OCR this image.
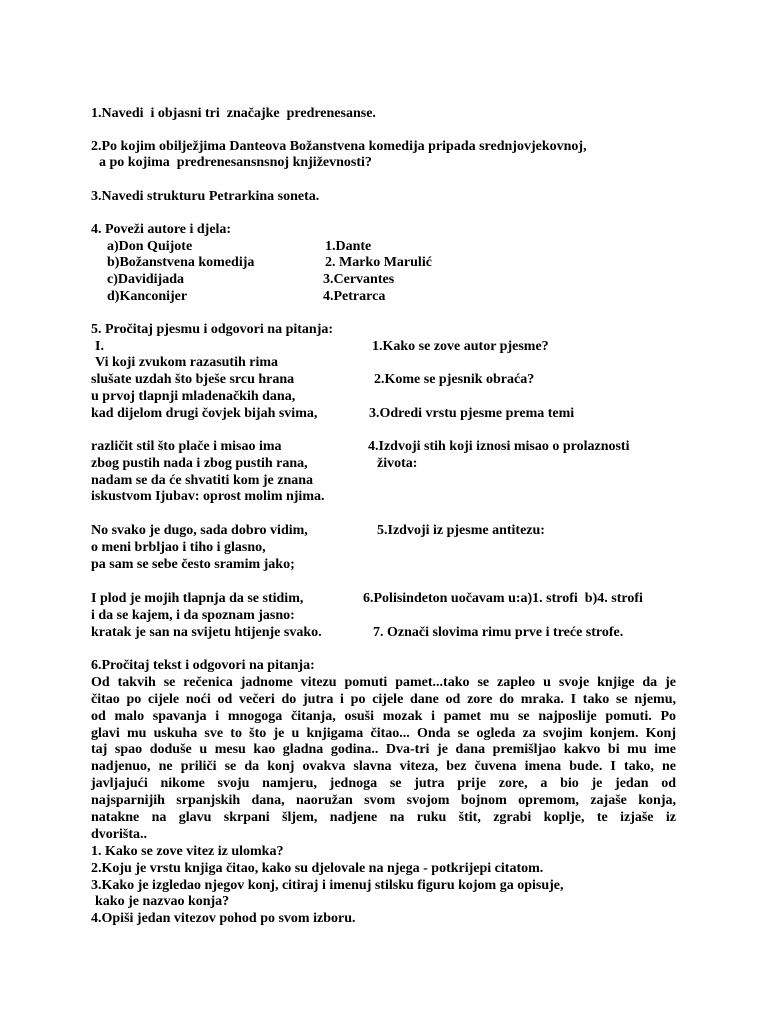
1.Navedi  i objasni tri  značajke  predrenesanse.
2.Po kojim obilježjima Danteova Božanstvena komedija pripada srednjovjekovnoj,
a po kojima  predrenesansnsnoj književnosti?
3.Navedi strukturu Petrarkina soneta.
4. Poveži autore i djela:
a)Don Quijote
b)Božanstvena komedija
c)Davidijada
d)Kanconijer
1.Dante
2. Marko Marulić
3.Cervantes
4.Petrarca
5. Pročitaj pjesmu i odgovori na pitanja:
I.
Vi koji zvukom razasutih rima
slušate uzdah što bješe srcu hrana
u prvoj tlapnji mladenačkih dana,
kad dijelom drugi čovjek bijah svima,
različit stil što plače i misao ima
zbog pustih nada i zbog pustih rana,
nadam se da će shvatiti kom je znana
iskustvom Ijubav: oprost molim njima.
No svako je dugo, sada dobro vidim,
o meni brbljao i tiho i glasno,
pa sam se sebe često sramim jako;
I plod je mojih tlapnja da se stidim,
i da se kajem, i da spoznam jasno:
kratak je san na svijetu htijenje svako.
1.Kako se zove autor pjesme?
2.Kome se pjesnik obraća?
3.Odredi vrstu pjesme prema temi
4.Izdvoji stih koji iznosi misao o prolaznosti
života:
5.Izdvoji iz pjesme antitezu:
6.Polisindeton uočavam u:a)1. strofi  b)4. strofi
7. Označi slovima rimu prve i treće strofe.
6.Pročitaj tekst i odgovori na pitanja:
Od takvih se rečenica jadnome vitezu pomuti pamet...tako se zapleo u svoje knjige da je
čitao po cijele noći od večeri do jutra i po cijele dane od zore do mraka. I tako se njemu,
od malo spavanja i mnogoga čitanja, osuši mozak i pamet mu se najposlije pomuti. Po
glavi mu uskuha sve to što je u knjigama čitao... Onda se ogleda za svojim konjem. Konj
taj spao doduše u mesu kao gladna godina.. Dva-tri je dana premišljao kakvo bi mu ime
nadjenuo, ne priliči se da konj ovakva slavna viteza, bez čuvena imena bude. I tako, ne
javljajući nikome svoju namjeru, jednoga se jutra prije zore, a bio je jedan od
najsparnijih srpanjskih dana, naoružan svom svojom bojnom opremom, zajaše konja,
natakne na glavu skrpani šljem, nadjene na ruku štit, zgrabi koplje, te izjaše iz
dvorišta..
1. Kako se zove vitez iz ulomka?
2.Koju je vrstu knjiga čitao, kako su djelovale na njega - potkrijepi citatom.
3.Kako je izgledao njegov konj, citiraj i imenuj stilsku figuru kojom ga opisuje,
kako je nazvao konja?
4.Opiši jedan vitezov pohod po svom izboru.
